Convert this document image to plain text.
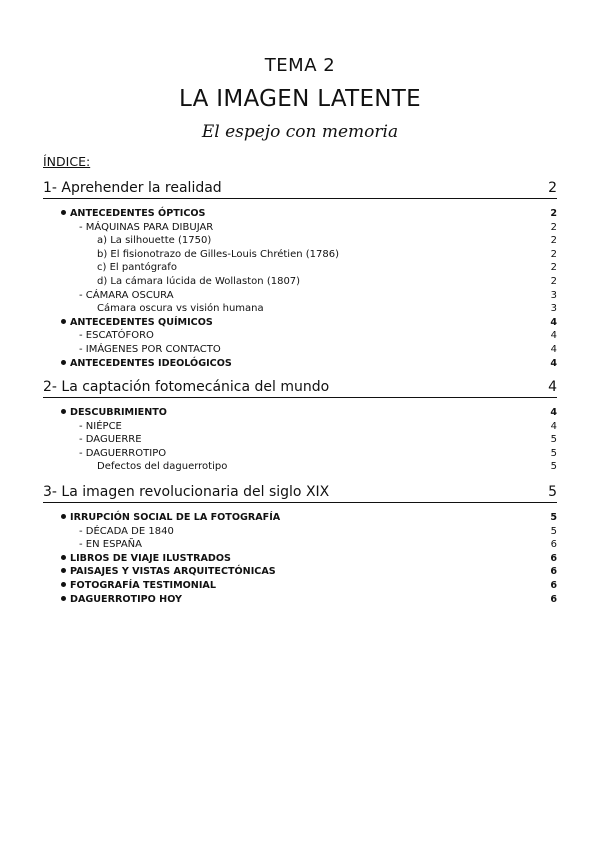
TEMA 2
LA IMAGEN LATENTE
El espejo con memoria
ÍNDICE:
1- Aprehender la realidad	2
ANTECEDENTES ÓPTICOS	2
- MÁQUINAS PARA DIBUJAR	2
a) La silhouette (1750)	2
b) El fisionotrazo de Gilles-Louis Chrétien (1786)	2
c) El pantógrafo	2
d) La cámara lúcida de Wollaston (1807)	2
- CÁMARA OSCURA	3
Cámara oscura vs visión humana	3
ANTECEDENTES QUÍMICOS	4
- ESCATÓFORO	4
- IMÁGENES POR CONTACTO	4
ANTECEDENTES IDEOLÓGICOS	4
2- La captación fotomecánica del mundo	4
DESCUBRIMIENTO	4
- NIÉPCE	4
- DAGUERRE	5
- DAGUERROTIPO	5
Defectos del daguerrotipo	5
3- La imagen revolucionaria del siglo XIX	5
IRRUPCIÓN SOCIAL DE LA FOTOGRAFÍA	5
- DÉCADA DE 1840	5
- EN ESPAÑA	6
LIBROS DE VIAJE ILUSTRADOS	6
PAISAJES Y VISTAS ARQUITECTÓNICAS	6
FOTOGRAFÍA TESTIMONIAL	6
DAGUERROTIPO HOY	6
